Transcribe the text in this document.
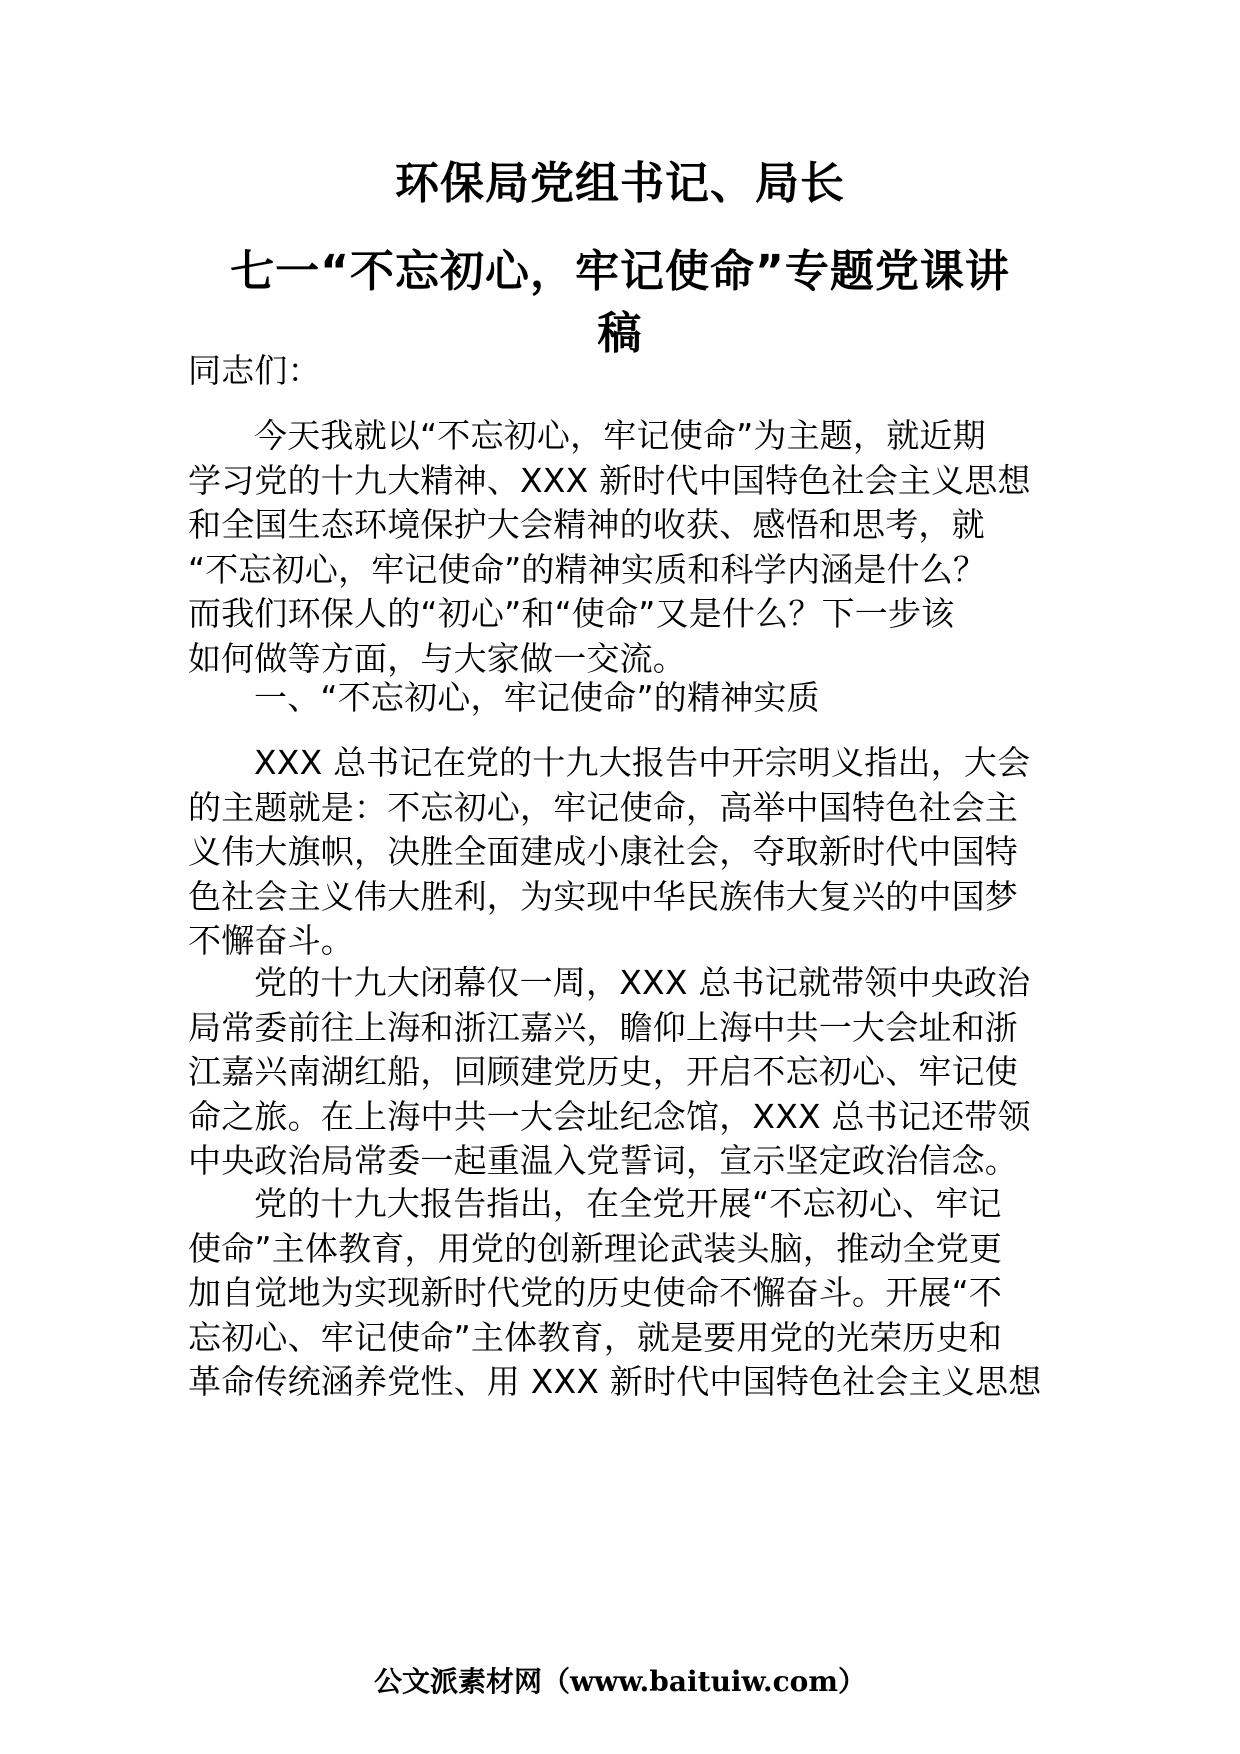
环保局党组书记、局长
七一“不忘初心，牢记使命”专题党课讲
稿
同志们：
今天我就以“不忘初心，牢记使命”为主题，就近期
学习党的十九大精神、XXX 新时代中国特色社会主义思想
和全国生态环境保护大会精神的收获、感悟和思考，就
“不忘初心，牢记使命”的精神实质和科学内涵是什么？
而我们环保人的“初心”和“使命”又是什么？下一步该
如何做等方面，与大家做一交流。
一、“不忘初心，牢记使命”的精神实质
XXX 总书记在党的十九大报告中开宗明义指出，大会
的主题就是：不忘初心，牢记使命，高举中国特色社会主
义伟大旗帜，决胜全面建成小康社会，夺取新时代中国特
色社会主义伟大胜利，为实现中华民族伟大复兴的中国梦
不懈奋斗。
党的十九大闭幕仅一周，XXX 总书记就带领中央政治
局常委前往上海和浙江嘉兴，瞻仰上海中共一大会址和浙
江嘉兴南湖红船，回顾建党历史，开启不忘初心、牢记使
命之旅。在上海中共一大会址纪念馆，XXX 总书记还带领
中央政治局常委一起重温入党誓词，宣示坚定政治信念。
党的十九大报告指出，在全党开展“不忘初心、牢记
使命”主体教育，用党的创新理论武装头脑，推动全党更
加自觉地为实现新时代党的历史使命不懈奋斗。开展“不
忘初心、牢记使命”主体教育，就是要用党的光荣历史和
革命传统涵养党性、用 XXX 新时代中国特色社会主义思想
公文派素材网（www.baituiw.com）
